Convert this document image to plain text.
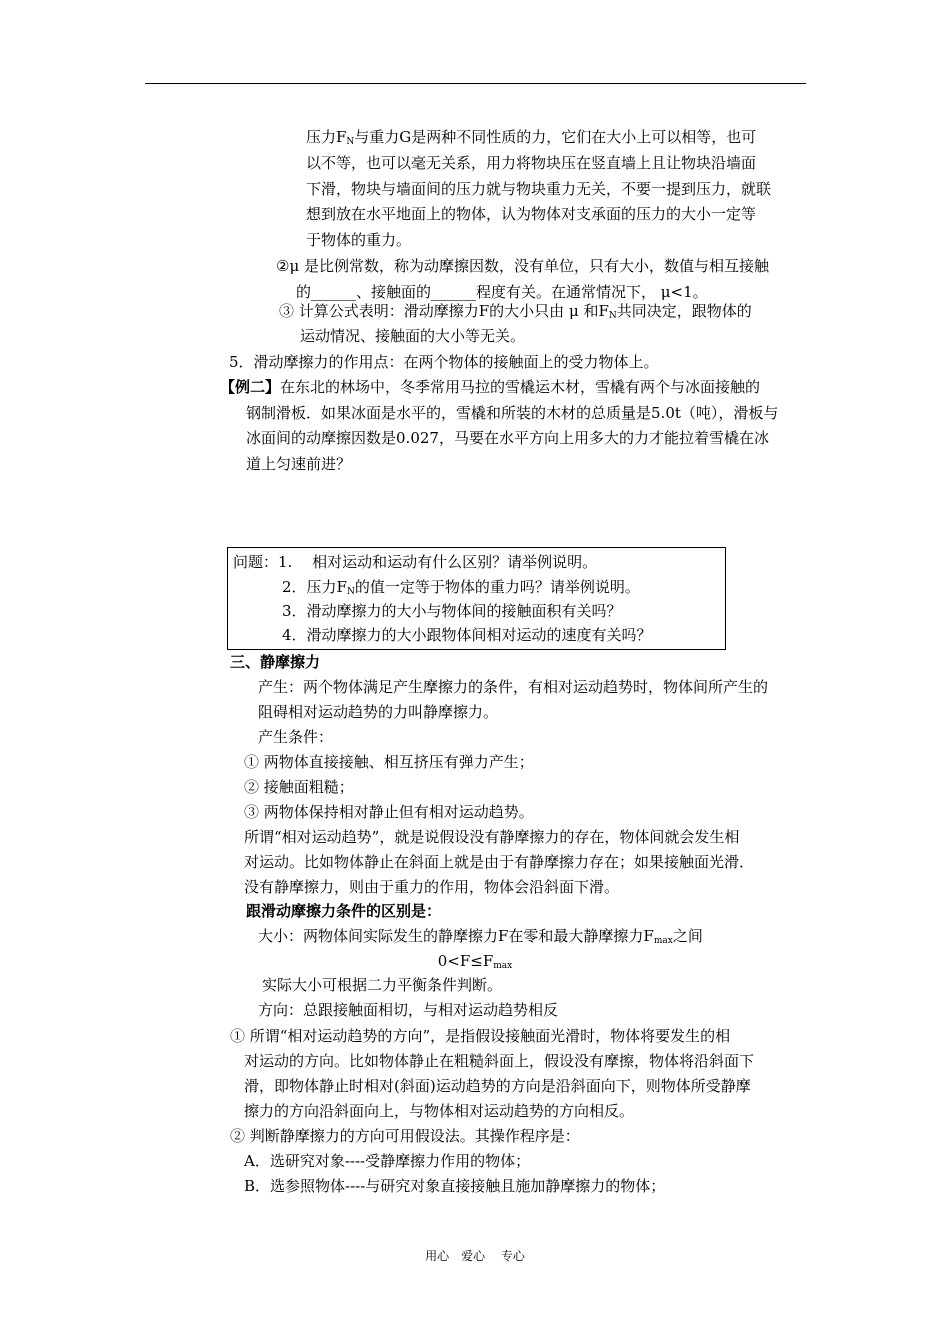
压力$F_N$与重力G是两种不同性质的力，它们在大小上可以相等，也可
以不等，也可以毫无关系，用力将物块压在竖直墙上且让物块沿墙面
下滑，物块与墙面间的压力就与物块重力无关，不要一提到压力，就联
想到放在水平地面上的物体，认为物体对支承面的压力的大小一定等
于物体的重力。
②μ 是比例常数，称为动摩擦因数，没有单位，只有大小，数值与相互接触
的______、接触面的______程度有关。在通常情况下， μ<1。
③ 计算公式表明：滑动摩擦力F的大小只由 μ 和$F_N$共同决定，跟物体的
运动情况、接触面的大小等无关。
5．滑动摩擦力的作用点：在两个物体的接触面上的受力物体上。
【例二】在东北的林场中，冬季常用马拉的雪橇运木材，雪橇有两个与冰面接触的
钢制滑板．如果冰面是水平的，雪橇和所装的木材的总质量是5.0t（吨），滑板与
冰面间的动摩擦因数是0.027，马要在水平方向上用多大的力才能拉着雪橇在冰
道上匀速前进？
问题：1.　 相对运动和运动有什么区别？请举例说明。
2．压力$F_N$的值一定等于物体的重力吗？请举例说明。
3．滑动摩擦力的大小与物体间的接触面积有关吗？
4．滑动摩擦力的大小跟物体间相对运动的速度有关吗？
三、静摩擦力
产生：两个物体满足产生摩擦力的条件，有相对运动趋势时，物体间所产生的
阻碍相对运动趋势的力叫静摩擦力。
产生条件：
① 两物体直接接触、相互挤压有弹力产生；
② 接触面粗糙；
③ 两物体保持相对静止但有相对运动趋势。
所谓“相对运动趋势”，就是说假设没有静摩擦力的存在，物体间就会发生相
对运动。比如物体静止在斜面上就是由于有静摩擦力存在；如果接触面光滑．
没有静摩擦力，则由于重力的作用，物体会沿斜面下滑。
跟滑动摩擦力条件的区别是：
大小：两物体间实际发生的静摩擦力F在零和最大静摩擦力$F_{max}$之间
$0<F\le F_{max}$
实际大小可根据二力平衡条件判断。
方向：总跟接触面相切，与相对运动趋势相反
① 所谓“相对运动趋势的方向”，是指假设接触面光滑时，物体将要发生的相
对运动的方向。比如物体静止在粗糙斜面上，假设没有摩擦，物体将沿斜面下
滑，即物体静止时相对(斜面)运动趋势的方向是沿斜面向下，则物体所受静摩
擦力的方向沿斜面向上，与物体相对运动趋势的方向相反。
② 判断静摩擦力的方向可用假设法。其操作程序是：
A．选研究对象----受静摩擦力作用的物体；
B．选参照物体----与研究对象直接接触且施加静摩擦力的物体；
用心　爱心　 专心
